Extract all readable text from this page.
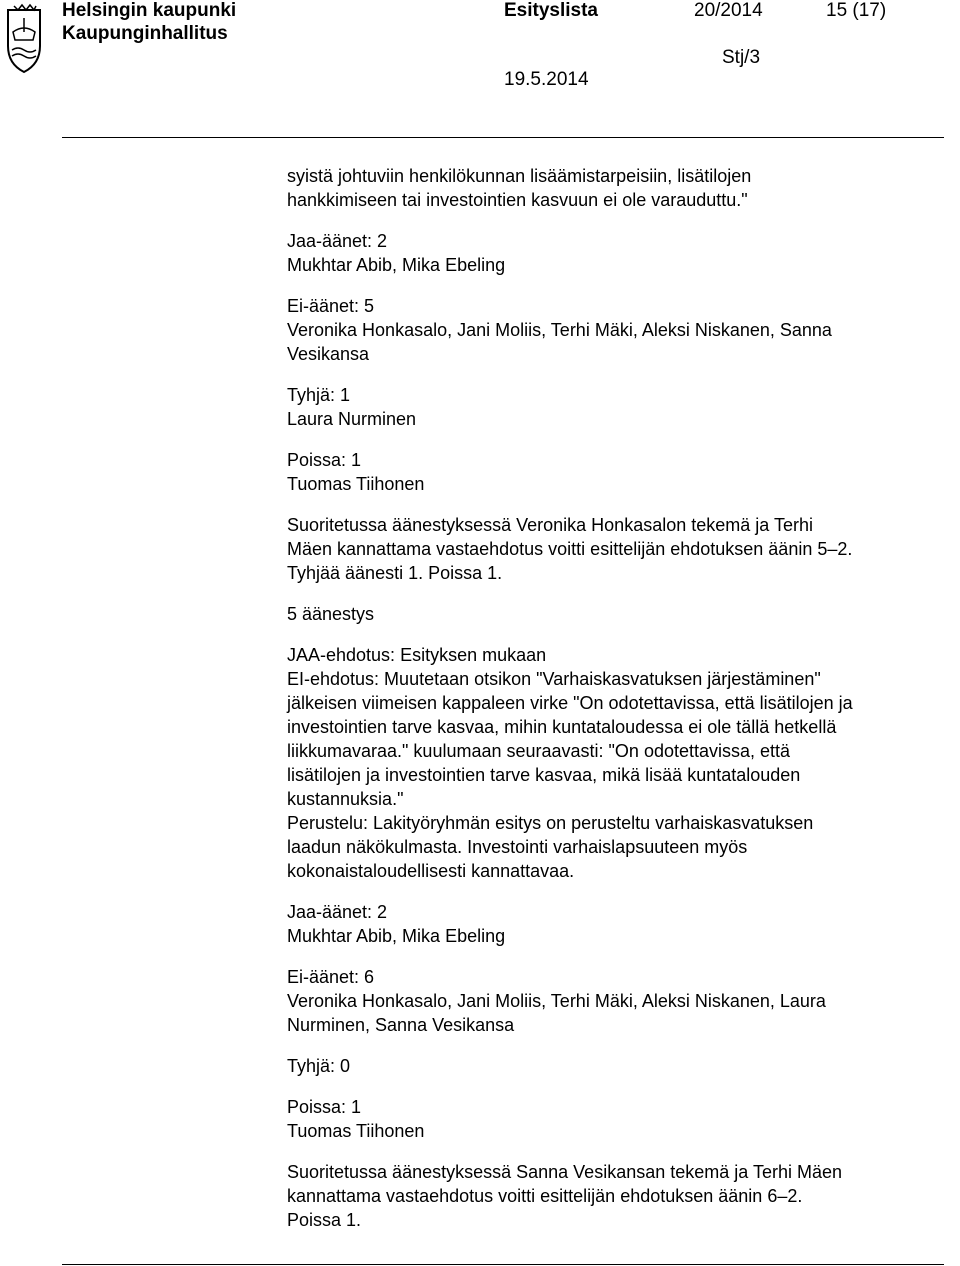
Helsingin kaupunki
Kaupunginhallitus
Esityslista	20/2014	15 (17)
Stj/3
19.5.2014

syistä johtuviin henkilökunnan lisäämistarpeisiin, lisätilojen
hankkimiseen tai investointien kasvuun ei ole varauduttu."

Jaa-äänet: 2
Mukhtar Abib, Mika Ebeling

Ei-äänet: 5
Veronika Honkasalo, Jani Moliis, Terhi Mäki, Aleksi Niskanen, Sanna
Vesikansa

Tyhjä: 1
Laura Nurminen

Poissa: 1
Tuomas Tiihonen

Suoritetussa äänestyksessä Veronika Honkasalon tekemä ja Terhi
Mäen kannattama vastaehdotus voitti esittelijän ehdotuksen äänin 5–2.
Tyhjää äänesti 1. Poissa 1.

5 äänestys

JAA-ehdotus: Esityksen mukaan
EI-ehdotus: Muutetaan otsikon "Varhaiskasvatuksen järjestäminen"
jälkeisen viimeisen kappaleen virke "On odotettavissa, että lisätilojen ja
investointien tarve kasvaa, mihin kuntataloudessa ei ole tällä hetkellä
liikkumavaraa." kuulumaan seuraavasti: "On odotettavissa, että
lisätilojen ja investointien tarve kasvaa, mikä lisää kuntatalouden
kustannuksia."
Perustelu: Lakityöryhmän esitys on perusteltu varhaiskasvatuksen
laadun näkökulmasta. Investointi varhaislapsuuteen myös
kokonaistaloudellisesti kannattavaa.

Jaa-äänet: 2
Mukhtar Abib, Mika Ebeling

Ei-äänet: 6
Veronika Honkasalo, Jani Moliis, Terhi Mäki, Aleksi Niskanen, Laura
Nurminen, Sanna Vesikansa

Tyhjä: 0

Poissa: 1
Tuomas Tiihonen

Suoritetussa äänestyksessä Sanna Vesikansan tekemä ja Terhi Mäen
kannattama vastaehdotus voitti esittelijän ehdotuksen äänin 6–2.
Poissa 1.
